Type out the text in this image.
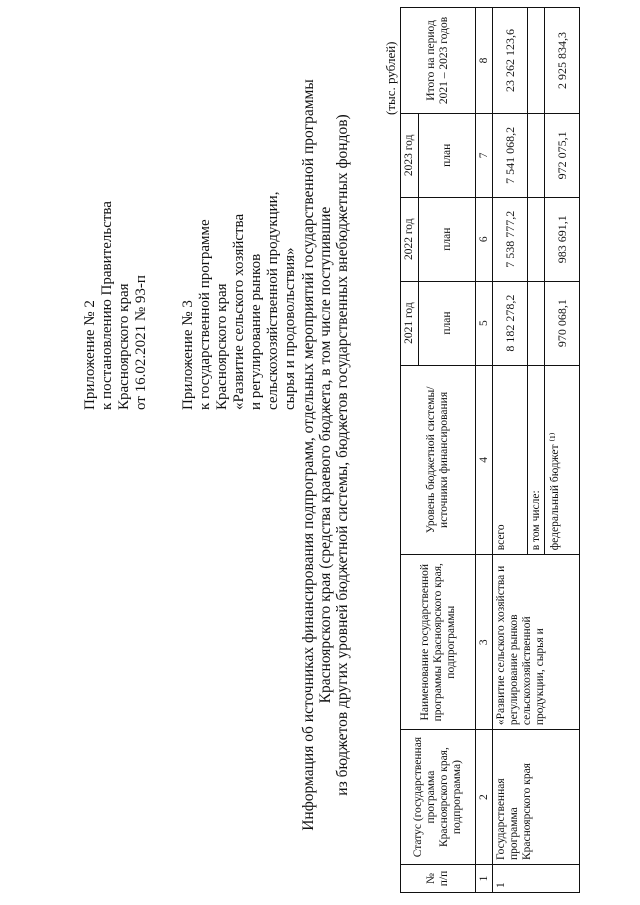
Приложение № 2 к постановлению Правительства Красноярского края от 16.02.2021 № 93-п Приложение № 3 к государственной программе Красноярского края «Развитие сельского хозяйства и регулирование рынков сельскохозяйственной продукции, сырья и продовольствия» Информация об источниках финансирования подпрограмм, отдельных мероприятий государственной программы Красноярского края (средства краевого бюджета, в том числе поступившие из бюджетов других уровней бюджетной системы, бюджетов государственных внебюджетных фондов)
(тыс. рублей)
№ п/п	Статус (государственная программа Красноярского края, подпрограмма)	Наименование государственной программы Красноярского края, подпрограммы	Уровень бюджетной системы/источники финансирования	2021 год	2022 год	2023 год	Итого на период 2021 – 2023 годов
				план	план	план	
1	2	3	4	5	6	7	8
1	Государственная программа Красноярского края	«Развитие сельского хозяйства и регулирование рынков сельскохозяйственной продукции, сырья и	всего	8 182 278,2	7 538 777,2	7 541 068,2	23 262 123,6
			в том числе:				
			федеральный бюджет ⁽¹⁾	970 068,1	983 691,1	972 075,1	2 925 834,3
